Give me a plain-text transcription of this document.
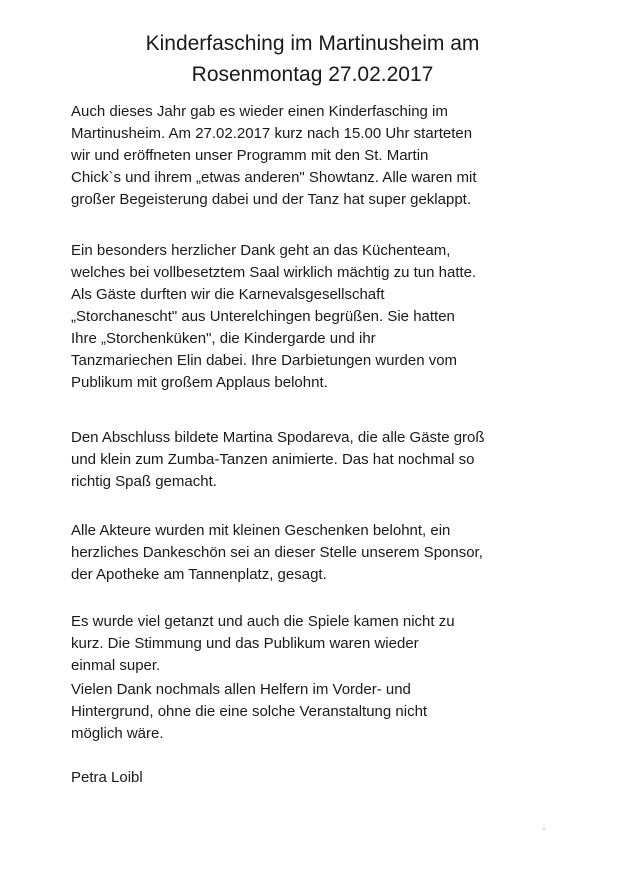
Kinderfasching im Martinusheim am
Rosenmontag 27.02.2017
Auch dieses Jahr gab es wieder einen Kinderfasching im
Martinusheim. Am 27.02.2017 kurz nach 15.00 Uhr starteten
wir und eröffneten unser Programm mit den St. Martin
Chick`s und ihrem „etwas anderen" Showtanz. Alle waren mit
großer Begeisterung dabei und der Tanz hat super geklappt.
Ein besonders herzlicher Dank geht an das Küchenteam,
welches bei vollbesetztem Saal wirklich mächtig zu tun hatte.
Als Gäste durften wir die Karnevalsgesellschaft
„Storchanescht" aus Unterelchingen begrüßen. Sie hatten
Ihre „Storchenküken", die Kindergarde und ihr
Tanzmariechen Elin dabei. Ihre Darbietungen wurden vom
Publikum mit großem Applaus belohnt.
Den Abschluss bildete Martina Spodareva, die alle Gäste groß
und klein zum Zumba-Tanzen animierte. Das hat nochmal so
richtig Spaß gemacht.
Alle Akteure wurden mit kleinen Geschenken belohnt, ein
herzliches Dankeschön sei an dieser Stelle unserem Sponsor,
der Apotheke am Tannenplatz, gesagt.
Es wurde viel getanzt und auch die Spiele kamen nicht zu
kurz. Die Stimmung und das Publikum waren wieder
einmal super.
Vielen Dank nochmals allen Helfern im Vorder- und
Hintergrund, ohne die eine solche Veranstaltung nicht
möglich wäre.
Petra Loibl
